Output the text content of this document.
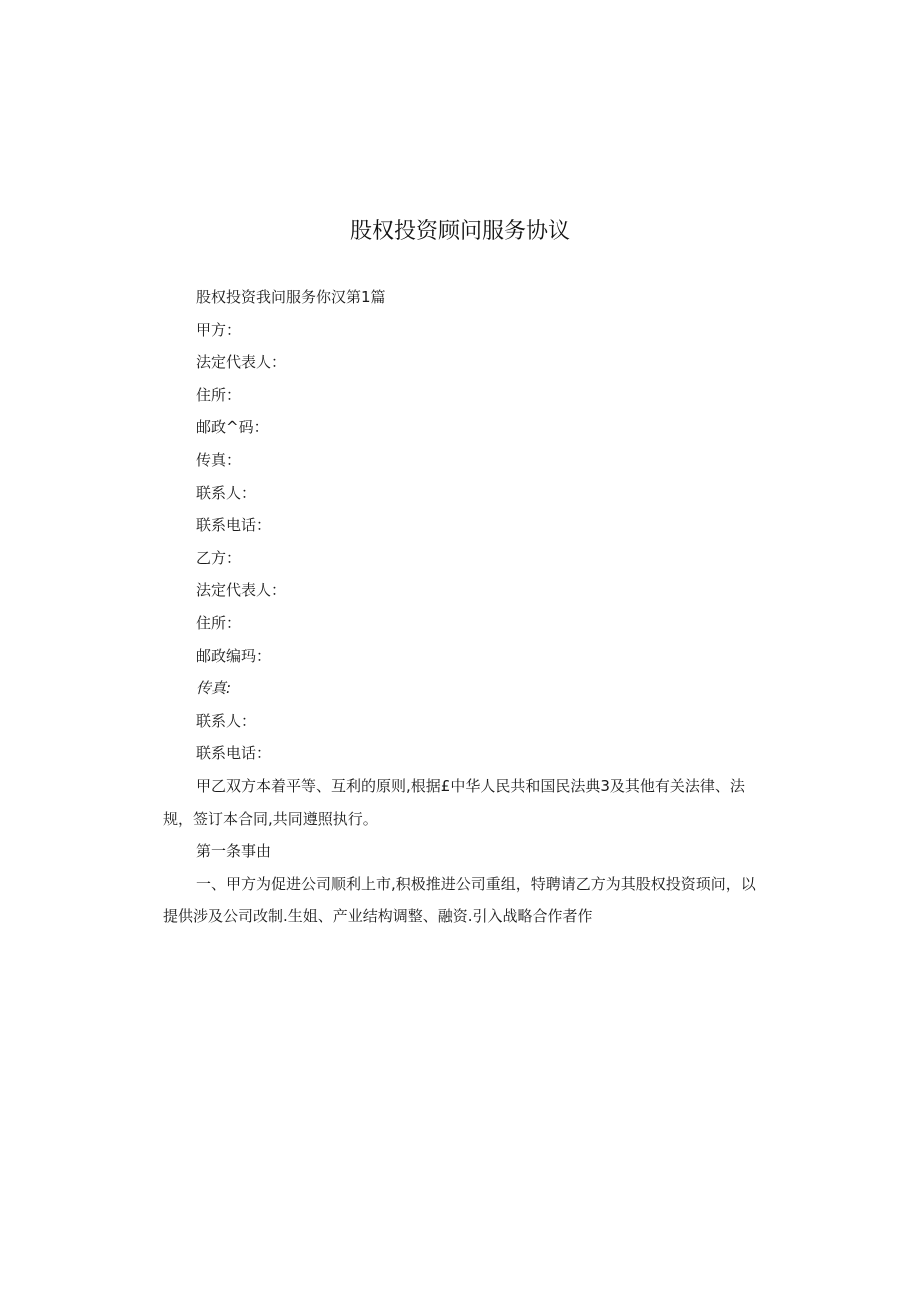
股权投资顾问服务协议
股权投资我问服务你汉第1篇
甲方：
法定代表人：
住所：
邮政^码：
传真：
联系人：
联系电话：
乙方：
法定代表人：
住所：
邮政编玛：
传真:
联系人：
联系电话：
甲乙双方本着平等、互利的原则,根据£中华人民共和国民法典3及其他有关法律、法规，签订本合同,共同遵照执行。
第一条事由
一、甲方为促进公司顺利上市,积极推进公司重组，特聘请乙方为其股权投资顼问，以提供涉及公司改制.生姐、产业结构调整、融资.引入战略合作者作
